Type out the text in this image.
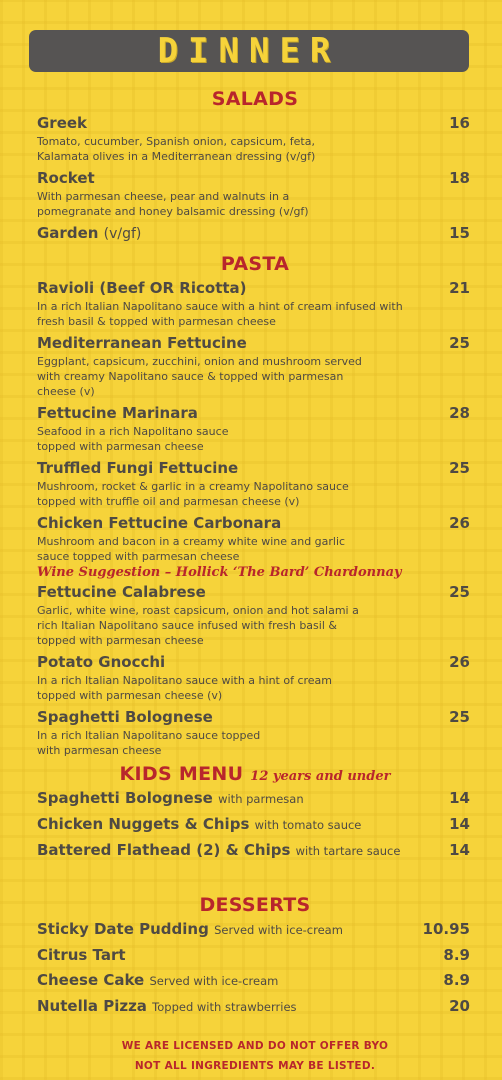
DINNER
SALADS
Greek	16
Tomato, cucumber, Spanish onion, capsicum, feta, Kalamata olives in a Mediterranean dressing (v/gf)
Rocket	18
With parmesan cheese, pear and walnuts in a pomegranate and honey balsamic dressing (v/gf)
Garden (v/gf)	15
PASTA
Ravioli (Beef OR Ricotta)	21
In a rich Italian Napolitano sauce with a hint of cream infused with fresh basil & topped with parmesan cheese
Mediterranean Fettucine	25
Eggplant, capsicum, zucchini, onion and mushroom served with creamy Napolitano sauce & topped with parmesan cheese (v)
Fettucine Marinara	28
Seafood in a rich Napolitano sauce topped with parmesan cheese
Truffled Fungi Fettucine	25
Mushroom, rocket & garlic in a creamy Napolitano sauce topped with truffle oil and parmesan cheese (v)
Chicken Fettucine Carbonara	26
Mushroom and bacon in a creamy white wine and garlic sauce topped with parmesan cheese
Wine Suggestion – Hollick ‘The Bard’ Chardonnay
Fettucine Calabrese	25
Garlic, white wine, roast capsicum, onion and hot salami a rich Italian Napolitano sauce infused with fresh basil & topped with parmesan cheese
Potato Gnocchi	26
In a rich Italian Napolitano sauce with a hint of cream topped with parmesan cheese (v)
Spaghetti Bolognese	25
In a rich Italian Napolitano sauce topped with parmesan cheese
KIDS MENU 12 years and under
Spaghetti Bolognese with parmesan	14
Chicken Nuggets & Chips with tomato sauce	14
Battered Flathead (2) & Chips with tartare sauce	14
DESSERTS
Sticky Date Pudding Served with ice-cream	10.95
Citrus Tart	8.9
Cheese Cake Served with ice-cream	8.9
Nutella Pizza Topped with strawberries	20
WE ARE LICENSED AND DO NOT OFFER BYO
NOT ALL INGREDIENTS MAY BE LISTED.
